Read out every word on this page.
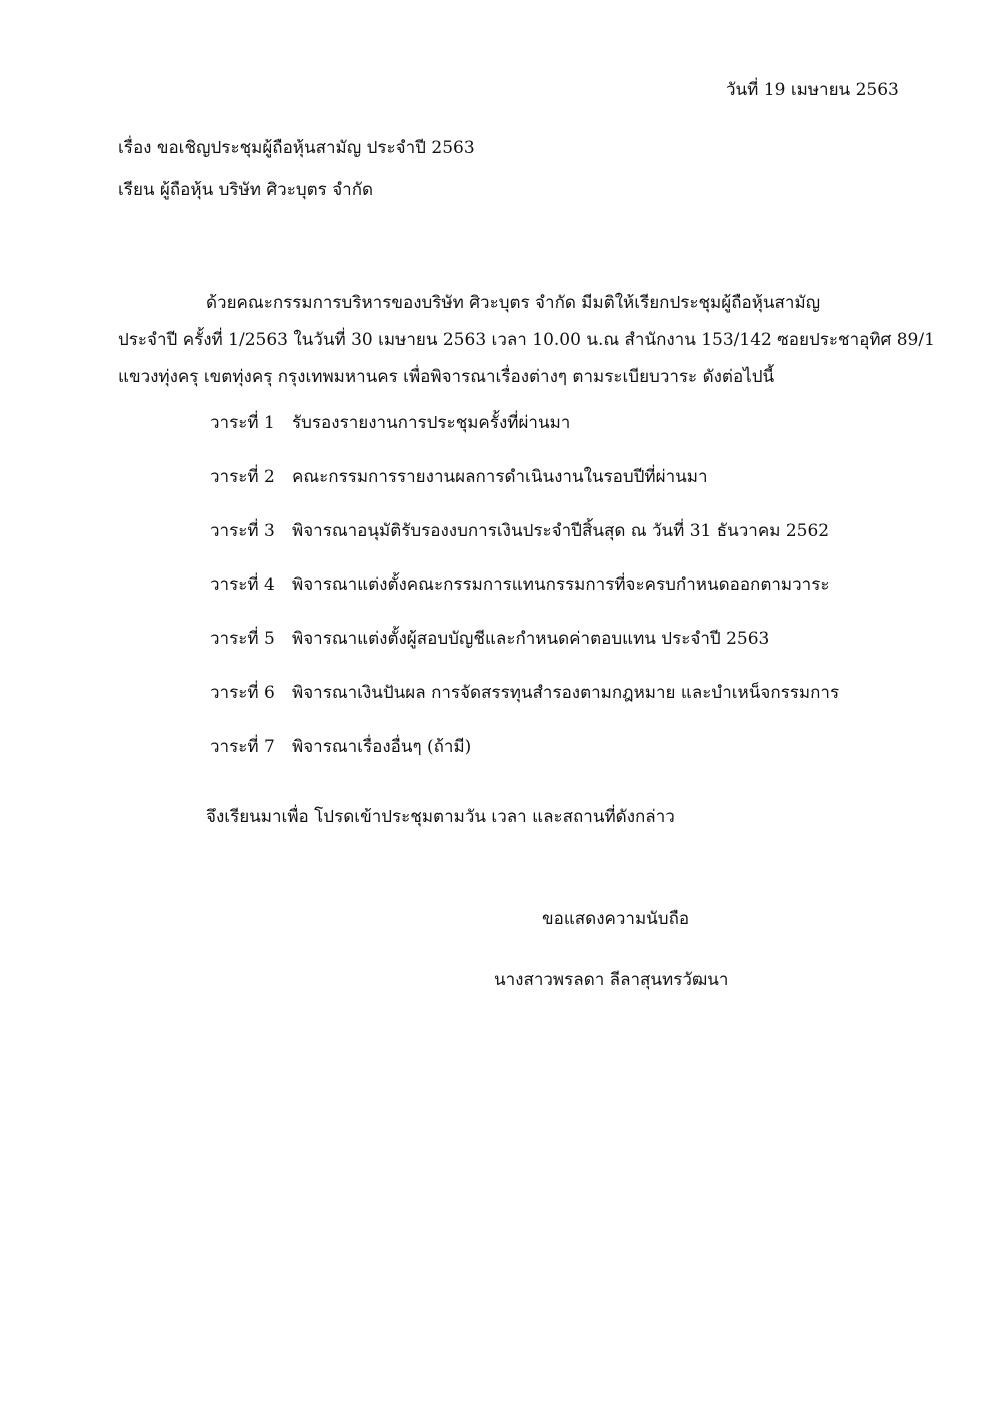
วันที่ 19 เมษายน 2563
เรื่อง ขอเชิญประชุมผู้ถือหุ้นสามัญ ประจำปี 2563
เรียน ผู้ถือหุ้น บริษัท ศิวะบุตร จำกัด
ด้วยคณะกรรมการบริหารของบริษัท ศิวะบุตร จำกัด มีมติให้เรียกประชุมผู้ถือหุ้นสามัญ
ประจำปี ครั้งที่ 1/2563 ในวันที่ 30 เมษายน 2563 เวลา 10.00 น.ณ สำนักงาน 153/142 ซอยประชาอุทิศ 89/1
แขวงทุ่งครุ เขตทุ่งครุ กรุงเทพมหานคร เพื่อพิจารณาเรื่องต่างๆ ตามระเบียบวาระ ดังต่อไปนี้
วาระที่ 1 รับรองรายงานการประชุมครั้งที่ผ่านมา
วาระที่ 2 คณะกรรมการรายงานผลการดำเนินงานในรอบปีที่ผ่านมา
วาระที่ 3 พิจารณาอนุมัติรับรองงบการเงินประจำปีสิ้นสุด ณ วันที่ 31 ธันวาคม 2562
วาระที่ 4 พิจารณาแต่งตั้งคณะกรรมการแทนกรรมการที่จะครบกำหนดออกตามวาระ
วาระที่ 5 พิจารณาแต่งตั้งผู้สอบบัญชีและกำหนดค่าตอบแทน ประจำปี 2563
วาระที่ 6 พิจารณาเงินปันผล การจัดสรรทุนสำรองตามกฎหมาย และบำเหน็จกรรมการ
วาระที่ 7 พิจารณาเรื่องอื่นๆ (ถ้ามี)
จึงเรียนมาเพื่อ โปรดเข้าประชุมตามวัน เวลา และสถานที่ดังกล่าว
ขอแสดงความนับถือ
นางสาวพรลดา ลีลาสุนทรวัฒนา
